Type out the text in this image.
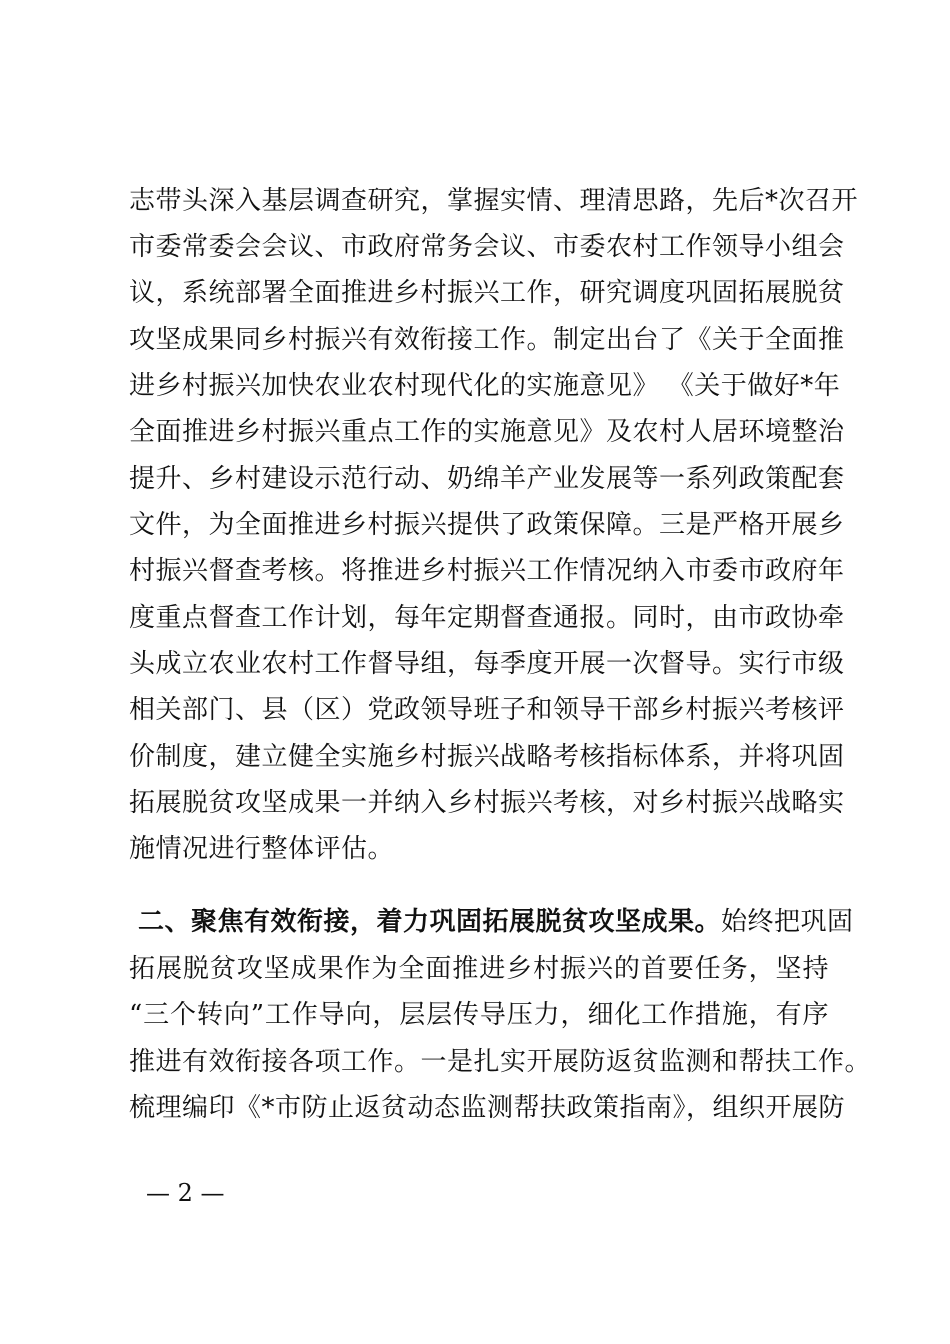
志带头深入基层调查研究，掌握实情、理清思路，先后*次召开
市委常委会会议、市政府常务会议、市委农村工作领导小组会
议，系统部署全面推进乡村振兴工作，研究调度巩固拓展脱贫
攻坚成果同乡村振兴有效衔接工作。制定出台了《关于全面推
进乡村振兴加快农业农村现代化的实施意见》 《关于做好*年
全面推进乡村振兴重点工作的实施意见》及农村人居环境整治
提升、乡村建设示范行动、奶绵羊产业发展等一系列政策配套
文件，为全面推进乡村振兴提供了政策保障。三是严格开展乡
村振兴督查考核。将推进乡村振兴工作情况纳入市委市政府年
度重点督查工作计划，每年定期督查通报。同时，由市政协牵
头成立农业农村工作督导组，每季度开展一次督导。实行市级
相关部门、县（区）党政领导班子和领导干部乡村振兴考核评
价制度，建立健全实施乡村振兴战略考核指标体系，并将巩固
拓展脱贫攻坚成果一并纳入乡村振兴考核，对乡村振兴战略实
施情况进行整体评估。
二、聚焦有效衔接，着力巩固拓展脱贫攻坚成果。始终把巩固
拓展脱贫攻坚成果作为全面推进乡村振兴的首要任务，坚持
“三个转向”工作导向，层层传导压力，细化工作措施，有序
推进有效衔接各项工作。一是扎实开展防返贫监测和帮扶工作。
梳理编印《*市防止返贫动态监测帮扶政策指南》，组织开展防
— 2 —
